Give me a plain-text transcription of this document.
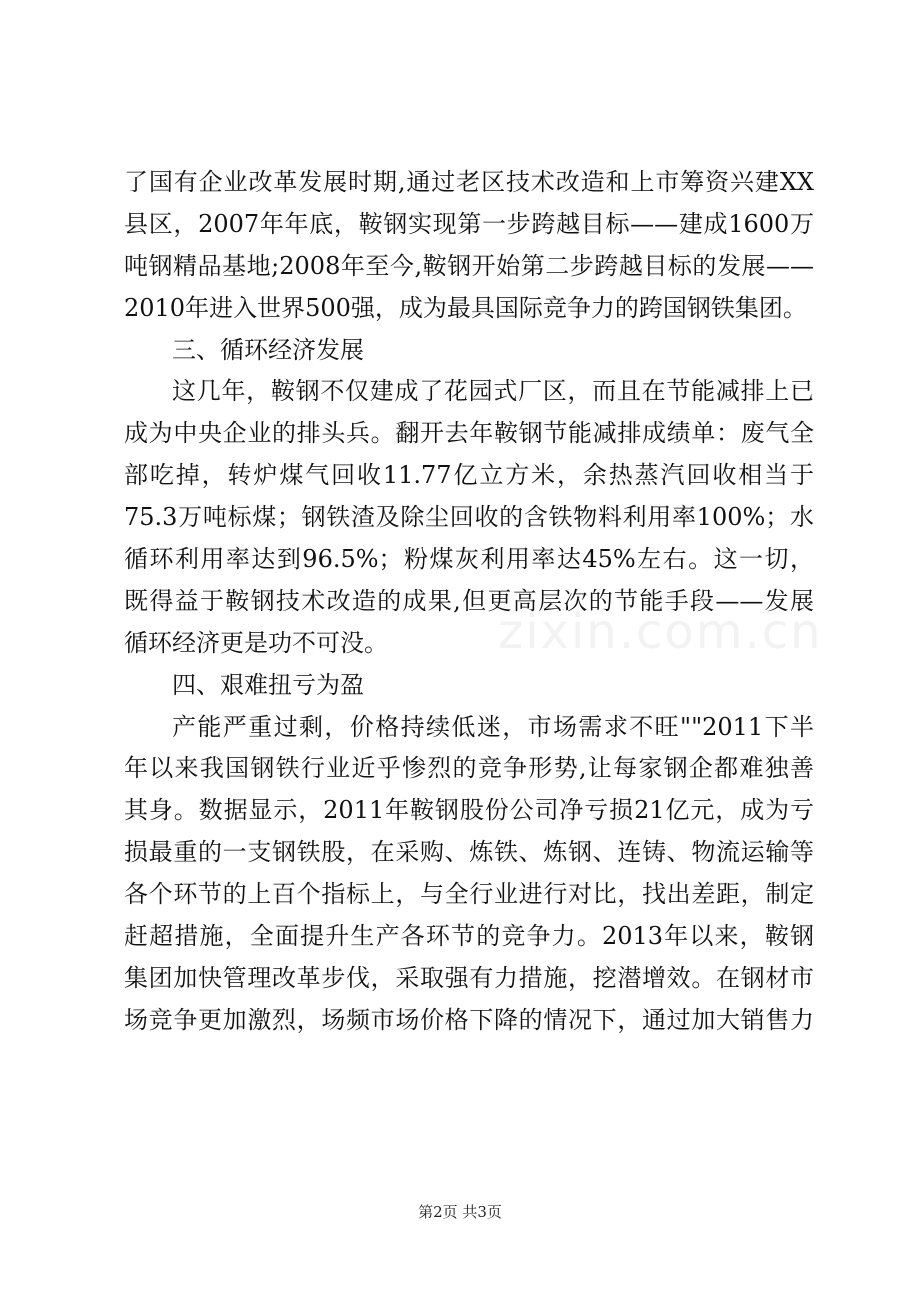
了国有企业改革发展时期,通过老区技术改造和上市筹资兴建XX
县区，2007年年底，鞍钢实现第一步跨越目标——建成1600万
吨钢精品基地;2008年至今,鞍钢开始第二步跨越目标的发展——
2010年进入世界500强，成为最具国际竞争力的跨国钢铁集团。
三、循环经济发展
这几年，鞍钢不仅建成了花园式厂区，而且在节能减排上已
成为中央企业的排头兵。翻开去年鞍钢节能减排成绩单：废气全
部吃掉，转炉煤气回收11.77亿立方米，余热蒸汽回收相当于
75.3万吨标煤；钢铁渣及除尘回收的含铁物料利用率100%；水
循环利用率达到96.5%；粉煤灰利用率达45%左右。这一切，
既得益于鞍钢技术改造的成果,但更高层次的节能手段——发展
循环经济更是功不可没。
四、艰难扭亏为盈
产能严重过剩，价格持续低迷，市场需求不旺""2011下半
年以来我国钢铁行业近乎惨烈的竞争形势,让每家钢企都难独善
其身。数据显示，2011年鞍钢股份公司净亏损21亿元，成为亏
损最重的一支钢铁股，在采购、炼铁、炼钢、连铸、物流运输等
各个环节的上百个指标上，与全行业进行对比，找出差距，制定
赶超措施，全面提升生产各环节的竞争力。2013年以来，鞍钢
集团加快管理改革步伐，采取强有力措施，挖潜增效。在钢材市
场竞争更加激烈，场频市场价格下降的情况下，通过加大销售力
zixin.com.cn
第2页 共3页
